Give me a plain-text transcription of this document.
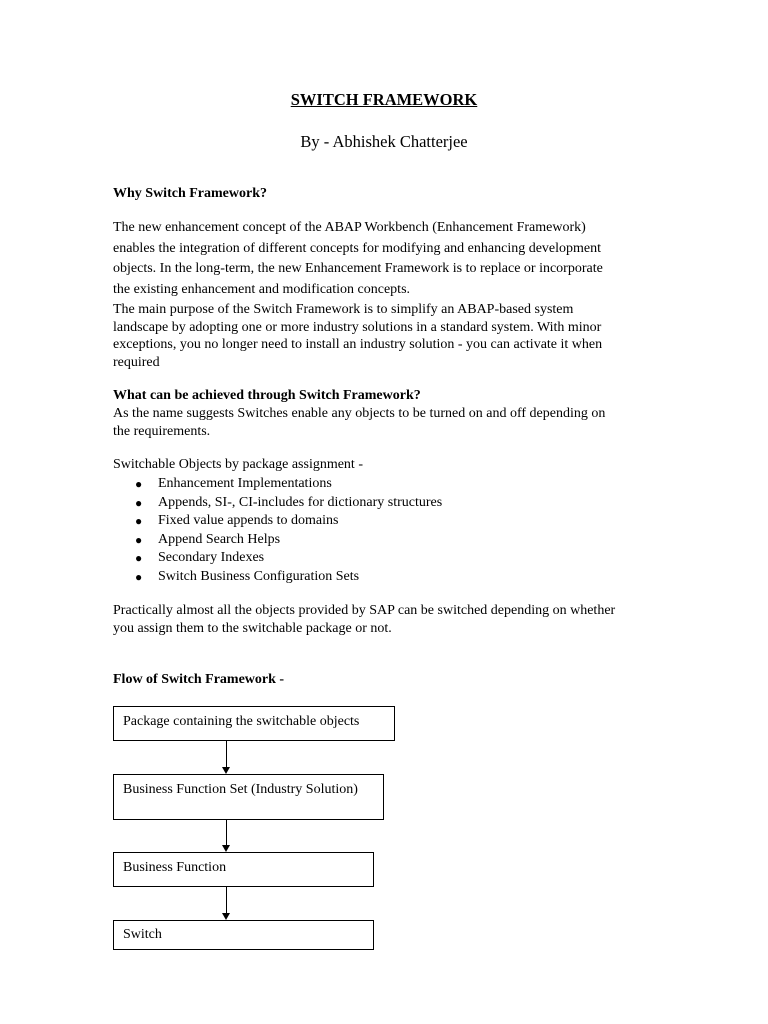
SWITCH FRAMEWORK
By - Abhishek Chatterjee
Why Switch Framework?
The new enhancement concept of the ABAP Workbench (Enhancement Framework)
enables the integration of different concepts for modifying and enhancing development
objects. In the long-term, the new Enhancement Framework is to replace or incorporate
the existing enhancement and modification concepts.
The main purpose of the Switch Framework is to simplify an ABAP-based system
landscape by adopting one or more industry solutions in a standard system. With minor
exceptions, you no longer need to install an industry solution - you can activate it when
required
What can be achieved through Switch Framework?
As the name suggests Switches enable any objects to be turned on and off depending on
the requirements.
Switchable Objects by package assignment -
● Enhancement Implementations
● Appends, SI-, CI-includes for dictionary structures
● Fixed value appends to domains
● Append Search Helps
● Secondary Indexes
● Switch Business Configuration Sets
Practically almost all the objects provided by SAP can be switched depending on whether
you assign them to the switchable package or not.
Flow of Switch Framework -
Package containing the switchable objects
Business Function Set (Industry Solution)
Business Function
Switch
